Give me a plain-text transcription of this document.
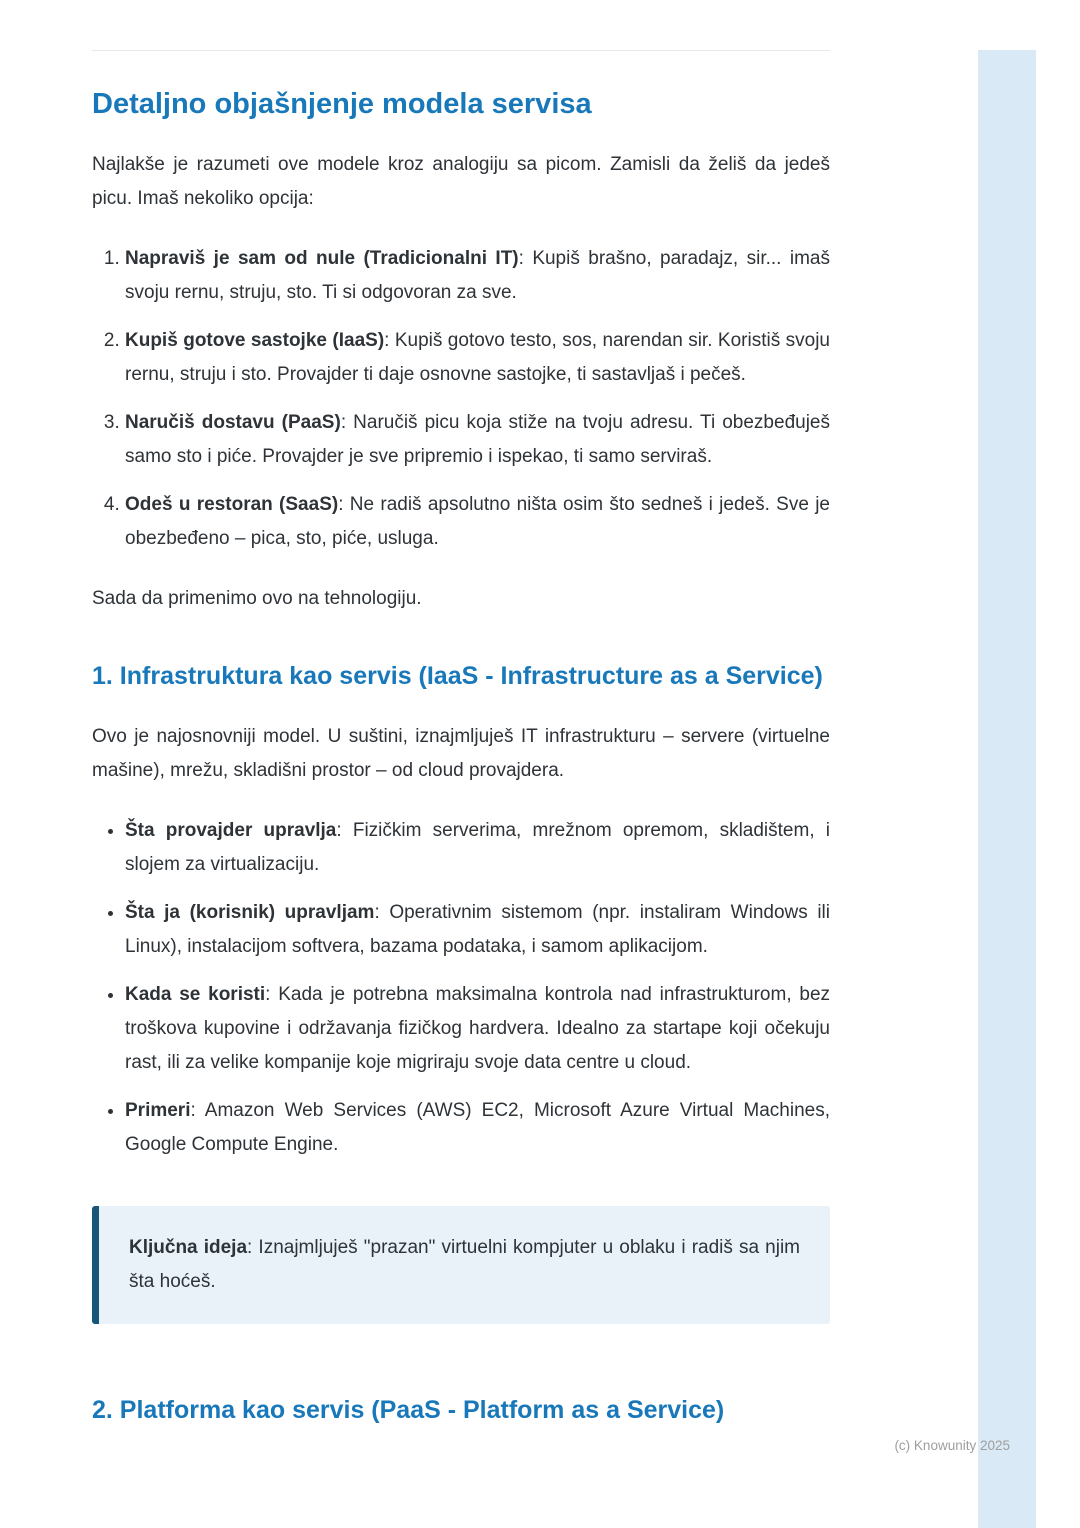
Detaljno objašnjenje modela servisa

Najlakše je razumeti ove modele kroz analogiju sa picom. Zamisli da želiš da jedeš picu. Imaš nekoliko opcija:

1. Napraviš je sam od nule (Tradicionalni IT): Kupiš brašno, paradajz, sir... imaš svoju rernu, struju, sto. Ti si odgovoran za sve.
2. Kupiš gotove sastojke (IaaS): Kupiš gotovo testo, sos, narendan sir. Koristiš svoju rernu, struju i sto. Provajder ti daje osnovne sastojke, ti sastavljaš i pečeš.
3. Naručiš dostavu (PaaS): Naručiš picu koja stiže na tvoju adresu. Ti obezbeđuješ samo sto i piće. Provajder je sve pripremio i ispekao, ti samo serviraš.
4. Odeš u restoran (SaaS): Ne radiš apsolutno ništa osim što sedneš i jedeš. Sve je obezbeđeno – pica, sto, piće, usluga.

Sada da primenimo ovo na tehnologiju.

1. Infrastruktura kao servis (IaaS - Infrastructure as a Service)

Ovo je najosnovniji model. U suštini, iznajmljuješ IT infrastrukturu – servere (virtuelne mašine), mrežu, skladišni prostor – od cloud provajdera.

• Šta provajder upravlja: Fizičkim serverima, mrežnom opremom, skladištem, i slojem za virtualizaciju.
• Šta ja (korisnik) upravljam: Operativnim sistemom (npr. instaliram Windows ili Linux), instalacijom softvera, bazama podataka, i samom aplikacijom.
• Kada se koristi: Kada je potrebna maksimalna kontrola nad infrastrukturom, bez troškova kupovine i održavanja fizičkog hardvera. Idealno za startape koji očekuju rast, ili za velike kompanije koje migriraju svoje data centre u cloud.
• Primeri: Amazon Web Services (AWS) EC2, Microsoft Azure Virtual Machines, Google Compute Engine.

Ključna ideja: Iznajmljuješ "prazan" virtuelni kompjuter u oblaku i radiš sa njim šta hoćeš.

2. Platforma kao servis (PaaS - Platform as a Service)
(c) Knowunity 2025
